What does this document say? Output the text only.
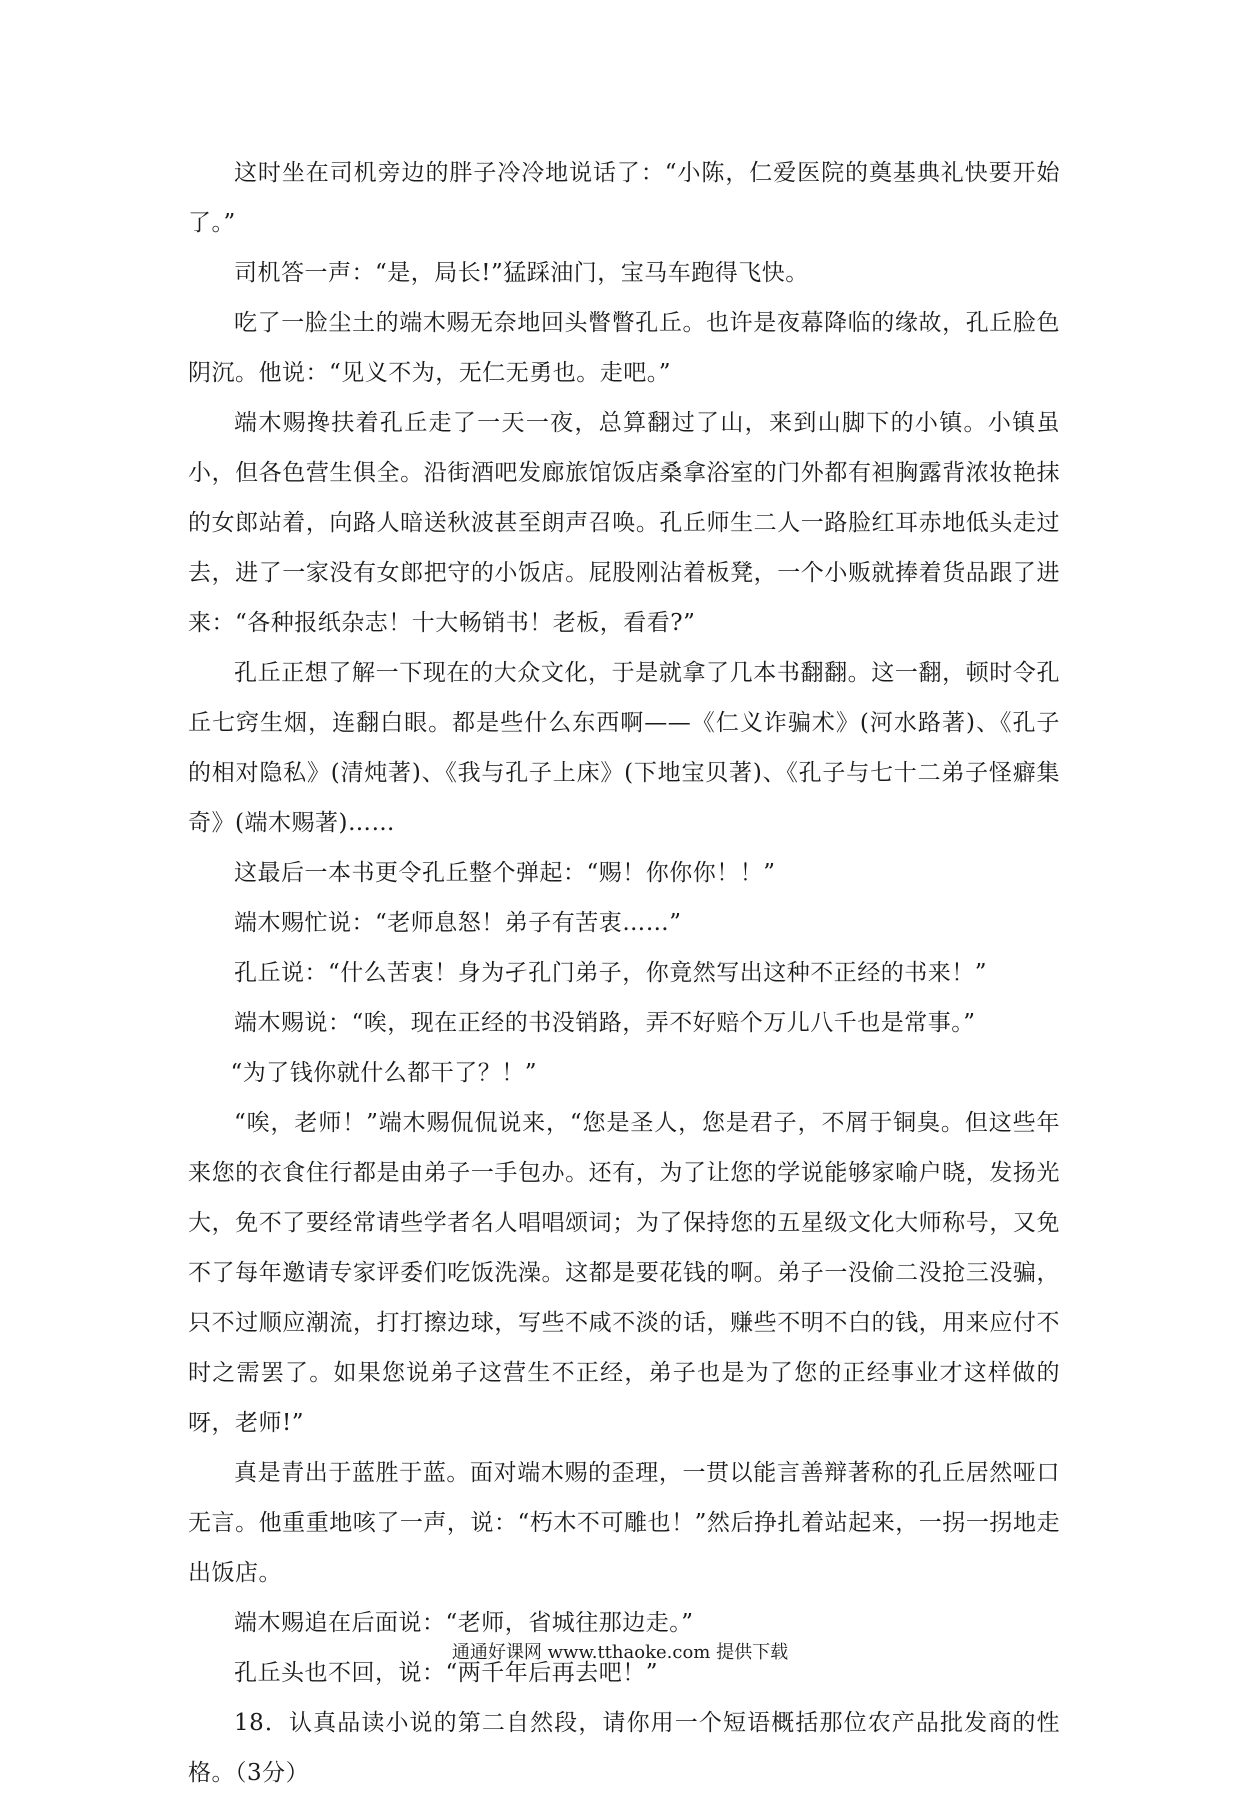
这时坐在司机旁边的胖子冷冷地说话了：“小陈，仁爱医院的奠基典礼快要开始了。”

司机答一声：“是，局长!”猛踩油门，宝马车跑得飞快。

吃了一脸尘土的端木赐无奈地回头瞥瞥孔丘。也许是夜幕降临的缘故，孔丘脸色阴沉。他说：“见义不为，无仁无勇也。走吧。”

端木赐搀扶着孔丘走了一天一夜，总算翻过了山，来到山脚下的小镇。小镇虽小，但各色营生俱全。沿街酒吧发廊旅馆饭店桑拿浴室的门外都有袒胸露背浓妆艳抹的女郎站着，向路人暗送秋波甚至朗声召唤。孔丘师生二人一路脸红耳赤地低头走过去，进了一家没有女郎把守的小饭店。屁股刚沾着板凳，一个小贩就捧着货品跟了进来：“各种报纸杂志！十大畅销书！老板，看看?”

孔丘正想了解一下现在的大众文化，于是就拿了几本书翻翻。这一翻，顿时令孔丘七窍生烟，连翻白眼。都是些什么东西啊——《仁义诈骗术》(河水路著)、《孔子的相对隐私》(清炖著)、《我与孔子上床》(下地宝贝著)、《孔子与七十二弟子怪癖集奇》(端木赐著)……

这最后一本书更令孔丘整个弹起：“赐！你你你！！”

端木赐忙说：“老师息怒！弟子有苦衷……”

孔丘说：“什么苦衷！身为孑孔门弟子，你竟然写出这种不正经的书来！”

端木赐说：“唉，现在正经的书没销路，弄不好赔个万儿八千也是常事。”

“为了钱你就什么都干了？！”

“唉，老师！”端木赐侃侃说来，“您是圣人，您是君子，不屑于铜臭。但这些年来您的衣食住行都是由弟子一手包办。还有，为了让您的学说能够家喻户晓，发扬光大，免不了要经常请些学者名人唱唱颂词；为了保持您的五星级文化大师称号，又免不了每年邀请专家评委们吃饭洗澡。这都是要花钱的啊。弟子一没偷二没抢三没骗，只不过顺应潮流，打打擦边球，写些不咸不淡的话，赚些不明不白的钱，用来应付不时之需罢了。如果您说弟子这营生不正经，弟子也是为了您的正经事业才这样做的呀，老师!”

真是青出于蓝胜于蓝。面对端木赐的歪理，一贯以能言善辩著称的孔丘居然哑口无言。他重重地咳了一声，说：“朽木不可雕也！”然后挣扎着站起来，一拐一拐地走出饭店。

端木赐追在后面说：“老师，省城往那边走。”

孔丘头也不回，说：“两千年后再去吧！”

18．认真品读小说的第二自然段，请你用一个短语概括那位农产品批发商的性格。（3分）

通通好课网 www.tthaoke.com 提供下载
